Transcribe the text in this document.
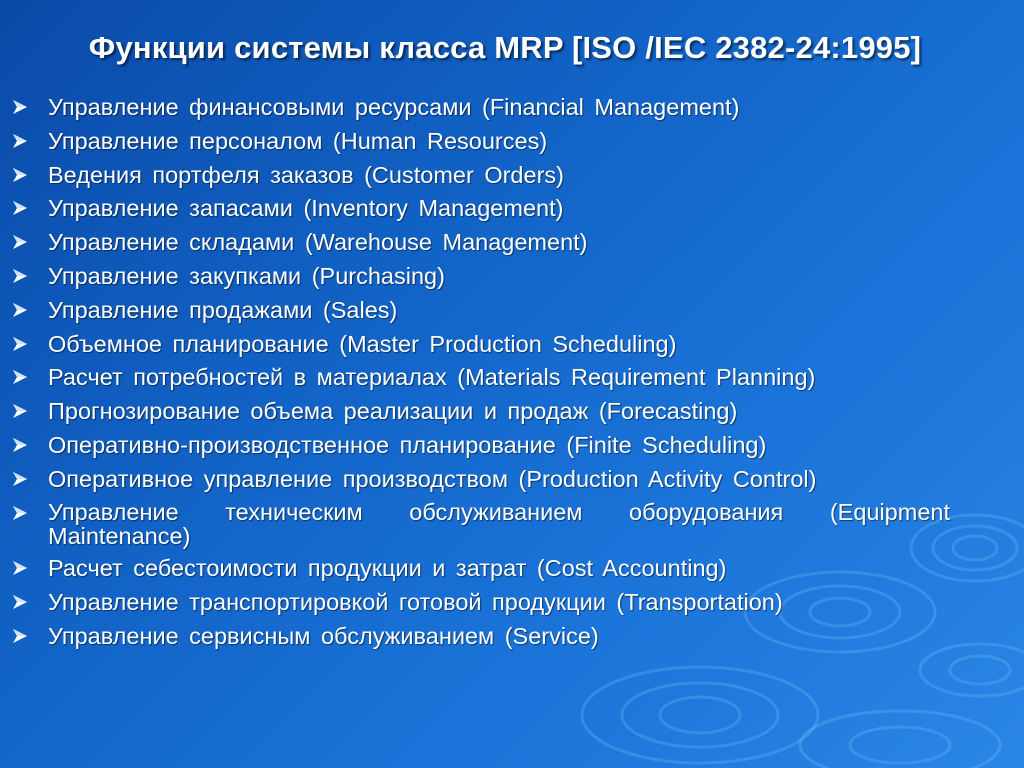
Функции системы класса MRP [ISO /IEC 2382-24:1995]
Управление финансовыми ресурсами (Financial Management)
Управление персоналом (Human Resources)
Ведения портфеля заказов (Customer Orders)
Управление запасами (Inventory Management)
Управление складами (Warehouse Management)
Управление закупками (Purchasing)
Управление продажами (Sales)
Объемное планирование (Master Production Scheduling)
Расчет потребностей в материалах (Materials Requirement Planning)
Прогнозирование объема реализации и продаж (Forecasting)
Оперативно-производственное планирование (Finite Scheduling)
Оперативное управление производством (Production Activity Control)
Управление техническим обслуживанием оборудования (Equipment Maintenance)
Расчет себестоимости продукции и затрат (Cost Accounting)
Управление транспортировкой готовой продукции (Transportation)
Управление сервисным обслуживанием (Service)
